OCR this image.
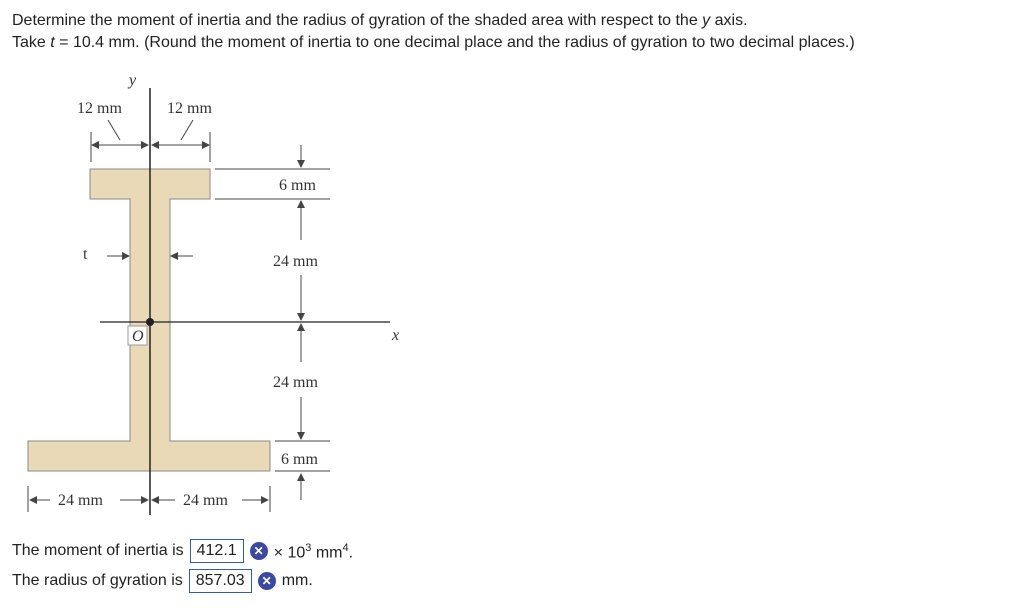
Determine the moment of inertia and the radius of gyration of the shaded area with respect to the y axis.

Take t = 10.4 mm. (Round the moment of inertia to one decimal place and the radius of gyration to two decimal places.)

O
y
x
12 mm	12 mm
t
6 mm
24 mm
24 mm
6 mm
24 mm	24 mm
The moment of inertia is 412.1	✕ × $10^3$ $mm^4$.
The radius of gyration is 857.03	✕ mm.
